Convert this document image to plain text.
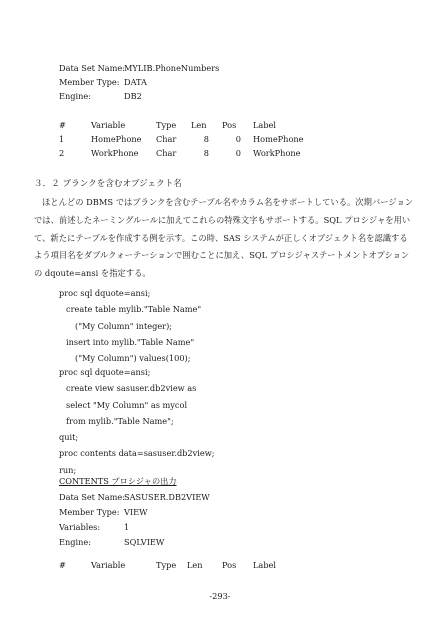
Data Set Name: MYLIB.PhoneNumbers
Member Type: DATA
Engine:	DB2
#	Variable	Type Len Pos Label
1	HomePhone Char	8	0 HomePhone
2	WorkPhone Char	8	0 WorkPhone
３．２ ブランクを含むオブジェクト名
ほとんどの DBMS ではブランクを含むテーブル名やカラム名をサポートしている。次期バージョン
では、前述したネーミングルールに加えてこれらの特殊文字もサポートする。SQL プロシジャを用い
て、新たにテーブルを作成する例を示す。この時、SAS システムが正しくオブジェクト名を認識する
よう項目名をダブルクォーテーションで囲むことに加え、SQL プロシジャステートメントオプション
の dqoute=ansi を指定する。
proc sql dquote=ansi;
create table mylib."Table Name"
("My Column" integer);
insert into mylib."Table Name"
("My Column") values(100);
proc sql dquote=ansi;
create view sasuser.db2view as
select "My Column" as mycol
from mylib."Table Name";
quit;
proc contents data=sasuser.db2view;
run;
CONTENTS プロシジャの出力
Data Set Name: SASUSER.DB2VIEW
Member Type: VIEW
Variables:	1
Engine:	SQLVIEW
#	Variable	Type Len Pos Label
-293-
